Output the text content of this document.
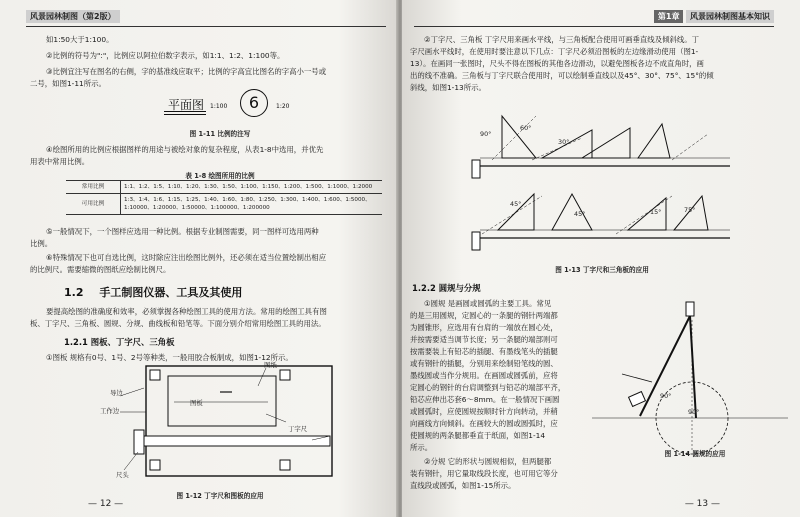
风景园林制图（第2版）
如1:50大于1:100。
②比例的符号为":"，比例应以阿拉伯数字表示，如1:1、1:2、1:100等。
③比例宜注写在图名的右侧，字的基准线应取平；比例的字高宜比图名的字高小一号或
二号，如图1-11所示。
平面图 1:100	6	1:20
图 1-11 比例的注写
④绘图所用的比例应根据图样的用途与被绘对象的复杂程度，从表1-8中选用，并优先
用表中常用比例。
表 1-8 绘图所用的比例
常用比例	1:1、1:2、1:5、1:10、1:20、1:30、1:50、1:100、1:150、1:200、1:500、1:1000、1:2000
可用比例	1:3、1:4、1:6、1:15、1:25、1:40、1:60、1:80、1:250、1:300、1:400、1:600、1:5000、1:10000、1:20000、1:50000、1:100000、1:200000
⑤一般情况下，一个图样应选用一种比例。根据专业制图需要，同一图样可选用两种
比例。
⑥特殊情况下也可自选比例，这时除应注出绘图比例外，还必须在适当位置绘制出相应
的比例尺。需要缩微的图纸应绘制比例尺。
1.2 手工制图仪器、工具及其使用
要提高绘图的准确度和效率，必须掌握各种绘图工具的使用方法。常用的绘图工具有图
板、丁字尺、三角板、圆规、分规、曲线板和铅笔等。下面分别介绍常用绘图工具的用法。
1.2.1 图板、丁字尺、三角板
①图板 规格有0号、1号、2号等种类，一般用胶合板制成，如图1-12所示。
导边
工作边
图板
图纸
丁字尺
尺头
图 1-12 丁字尺和图板的应用
— 12 —
第1章 风景园林制图基本知识
②丁字尺、三角板 丁字尺用来画水平线，与三角板配合使用可画垂直线及倾斜线。丁
字尺画水平线时，在使用时要注意以下几点：丁字尺必须沿图板的左边缘滑动使用（图1-
13）。在画同一张图时，尺头不得在图板的其他各边滑动，以避免图板各边不成直角时，画
出的线不准确。三角板与丁字尺联合使用时，可以绘制垂直线以及45°、30°、75°、15°的倾
斜线，如图1-13所示。
90°
60°
30°
45°
45°	15°	75°
图 1-13 丁字尺和三角板的应用
1.2.2 圆规与分规
①圆规 是画圆或圆弧的主要工具。常见
的是三用圆规，定圆心的一条腿的钢针两端都
为圆锥形，应选用有台肩的一端放在圆心处，
并按需要适当调节长度；另一条腿的端部则可
按需要装上有铅芯的插腿、有墨线笔头的插腿
或有钢针的插腿，分别用来绘制铅笔线的圆、
墨线圆或当作分规用。在画圆或圆弧前，应将
定圆心的钢针的台肩调整到与铅芯的端部平齐，
铅芯应伸出芯套6～8mm。在一般情况下画圆
或圆弧时，应使圆规按顺时针方向转动，并稍
向画线方向倾斜。在画较大的圆或圆弧时，应
使圆规的两条腿都垂直于纸面，如图1-14
所示。
②分规 它的形状与圆规相似，但两腿都
装有钢针，用它量取线段长度，也可用它等分
直线段或圆弧，如图1-15所示。
90°
90°
图 1-14 圆规的应用
— 13 —
